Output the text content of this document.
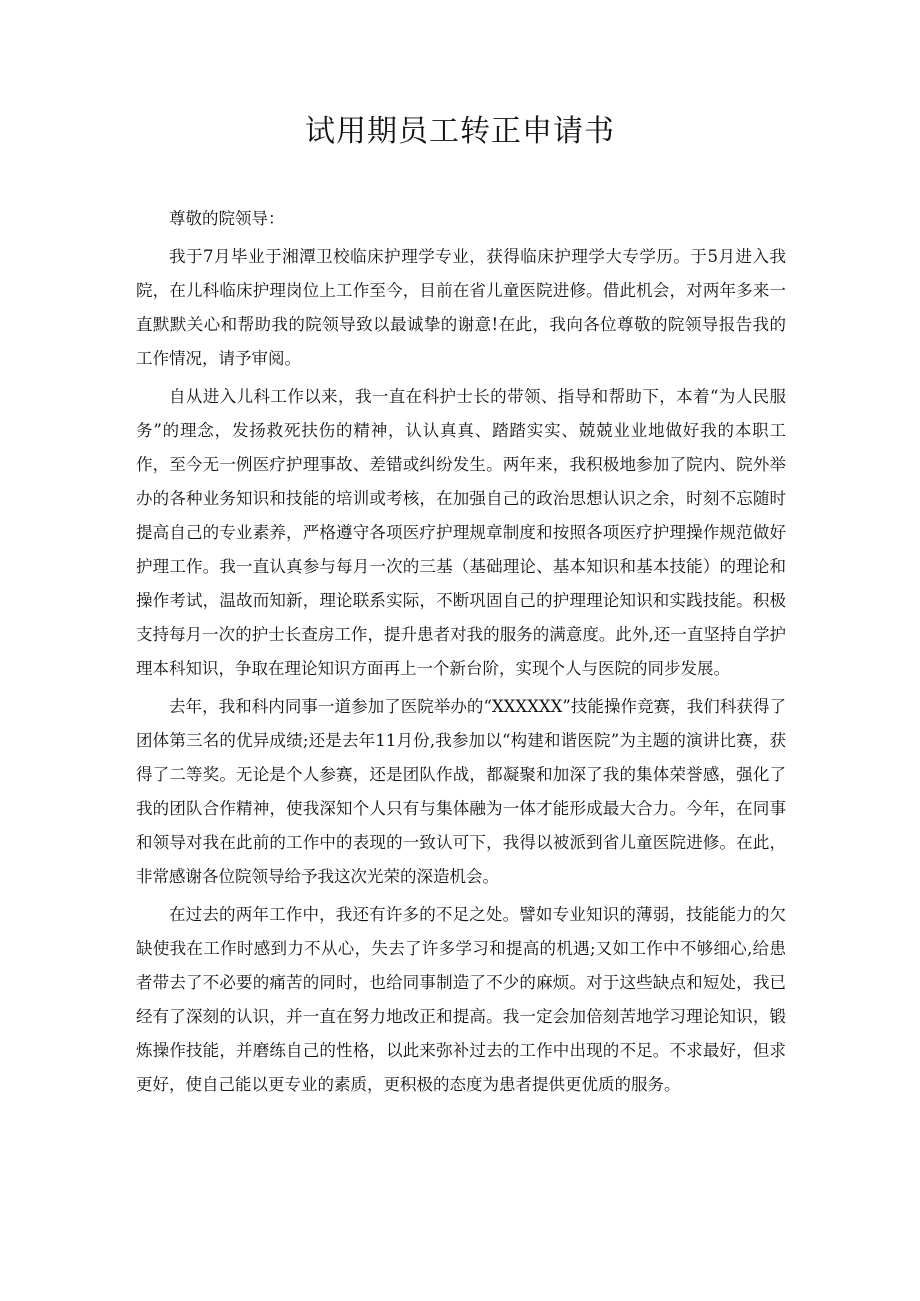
试用期员工转正申请书

尊敬的院领导：

我于7月毕业于湘潭卫校临床护理学专业，获得临床护理学大专学历。于5月进入我院，在儿科临床护理岗位上工作至今，目前在省儿童医院进修。借此机会，对两年多来一直默默关心和帮助我的院领导致以最诚挚的谢意!在此，我向各位尊敬的院领导报告我的工作情况，请予审阅。

自从进入儿科工作以来，我一直在科护士长的带领、指导和帮助下，本着“为人民服务”的理念，发扬救死扶伤的精神，认认真真、踏踏实实、兢兢业业地做好我的本职工作，至今无一例医疗护理事故、差错或纠纷发生。两年来，我积极地参加了院内、院外举办的各种业务知识和技能的培训或考核，在加强自己的政治思想认识之余，时刻不忘随时提高自己的专业素养，严格遵守各项医疗护理规章制度和按照各项医疗护理操作规范做好护理工作。我一直认真参与每月一次的三基（基础理论、基本知识和基本技能）的理论和操作考试，温故而知新，理论联系实际，不断巩固自己的护理理论知识和实践技能。积极支持每月一次的护士长查房工作，提升患者对我的服务的满意度。此外,还一直坚持自学护理本科知识，争取在理论知识方面再上一个新台阶，实现个人与医院的同步发展。

去年，我和科内同事一道参加了医院举办的“XXXXXX”技能操作竞赛，我们科获得了团体第三名的优异成绩;还是去年11月份,我参加以“构建和谐医院”为主题的演讲比赛，获得了二等奖。无论是个人参赛，还是团队作战，都凝聚和加深了我的集体荣誉感，强化了我的团队合作精神，使我深知个人只有与集体融为一体才能形成最大合力。今年，在同事和领导对我在此前的工作中的表现的一致认可下，我得以被派到省儿童医院进修。在此，非常感谢各位院领导给予我这次光荣的深造机会。

在过去的两年工作中，我还有许多的不足之处。譬如专业知识的薄弱，技能能力的欠缺使我在工作时感到力不从心，失去了许多学习和提高的机遇;又如工作中不够细心,给患者带去了不必要的痛苦的同时，也给同事制造了不少的麻烦。对于这些缺点和短处，我已经有了深刻的认识，并一直在努力地改正和提高。我一定会加倍刻苦地学习理论知识，锻炼操作技能，并磨练自己的性格，以此来弥补过去的工作中出现的不足。不求最好，但求更好，使自己能以更专业的素质，更积极的态度为患者提供更优质的服务。
